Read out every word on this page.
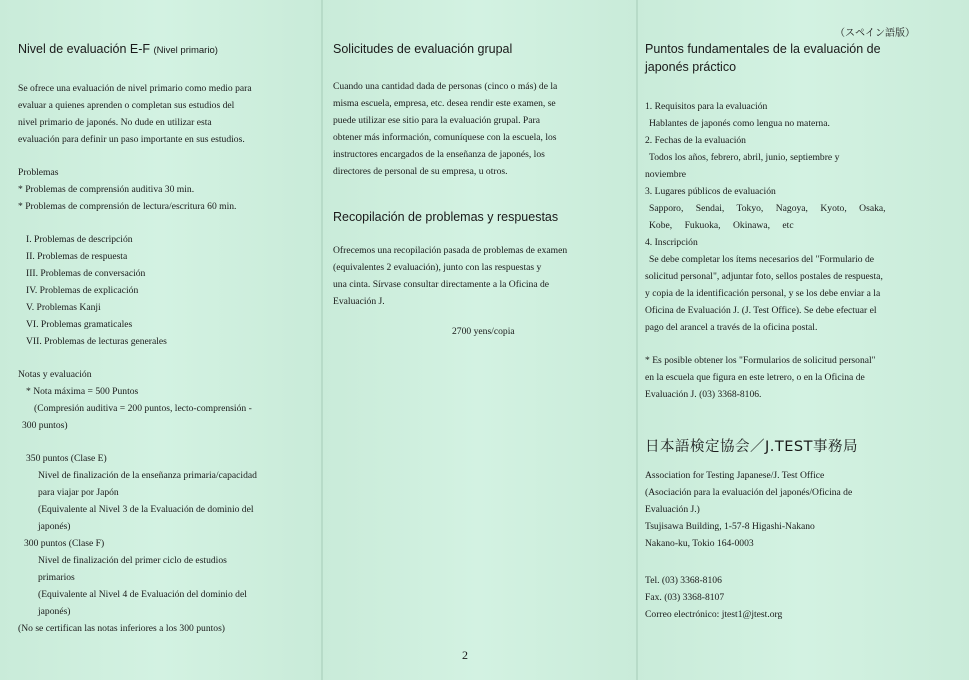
（スペイン語版）
Nivel de evaluación E-F (Nivel primario)

Se ofrece una evaluación de nivel primario como medio para

evaluar a quienes aprenden o completan sus estudios del

nivel primario de japonés. No dude en utilizar esta

evaluación para definir un paso importante en sus estudios.

Problemas

* Problemas de comprensión auditiva 30 min.

* Problemas de comprensión de lectura/escritura 60 min.

I. Problemas de descripción

II. Problemas de respuesta

III. Problemas de conversación

IV. Problemas de explicación

V. Problemas Kanji

VI. Problemas gramaticales

VII. Problemas de lecturas generales

Notas y evaluación

* Nota máxima = 500 Puntos

(Compresión auditiva = 200 puntos, lecto-comprensión -

300 puntos)

350 puntos (Clase E)

Nivel de finalización de la enseñanza primaria/capacidad

para viajar por Japón

(Equivalente al Nivel 3 de la Evaluación de dominio del

japonés)

300 puntos (Clase F)

Nivel de finalización del primer ciclo de estudios

primarios

(Equivalente al Nivel 4 de Evaluación del dominio del

japonés)

(No se certifican las notas inferiores a los 300 puntos)

Solicitudes de evaluación grupal

Cuando una cantidad dada de personas (cinco o más) de la

misma escuela, empresa, etc. desea rendir este examen, se

puede utilizar ese sitio para la evaluación grupal. Para

obtener más información, comuníquese con la escuela, los

instructores encargados de la enseñanza de japonés, los

directores de personal de su empresa, u otros.

Recopilación de problemas y respuestas

Ofrecemos una recopilación pasada de problemas de examen

(equivalentes 2 evaluación), junto con las respuestas y

una cinta. Sírvase consultar directamente a la Oficina de

Evaluación J.

2700 yens/copia
Puntos fundamentales de la evaluación de japonés práctico

1. Requisitos para la evaluación

Hablantes de japonés como lengua no materna.

2. Fechas de la evaluación

Todos los años, febrero, abril, junio, septiembre y

noviembre

3. Lugares públicos de evaluación

Sapporo, Sendai, Tokyo, Nagoya, Kyoto, Osaka,

Kobe, Fukuoka, Okinawa, etc

4. Inscripción

Se debe completar los ítems necesarios del "Formulario de

solicitud personal", adjuntar foto, sellos postales de respuesta,

y copia de la identificación personal, y se los debe enviar a la

Oficina de Evaluación J. (J. Test Office). Se debe efectuar el

pago del arancel a través de la oficina postal.

* Es posible obtener los "Formularios de solicitud personal"

en la escuela que figura en este letrero, o en la Oficina de

Evaluación J. (03) 3368-8106.

日本語検定協会／J.TEST事務局

Association for Testing Japanese/J. Test Office

(Asociación para la evaluación del japonés/Oficina de

Evaluación J.)

Tsujisawa Building, 1-57-8 Higashi-Nakano

Nakano-ku, Tokio 164-0003

Tel. (03) 3368-8106

Fax. (03) 3368-8107

Correo electrónico: jtest1@jtest.org

2
